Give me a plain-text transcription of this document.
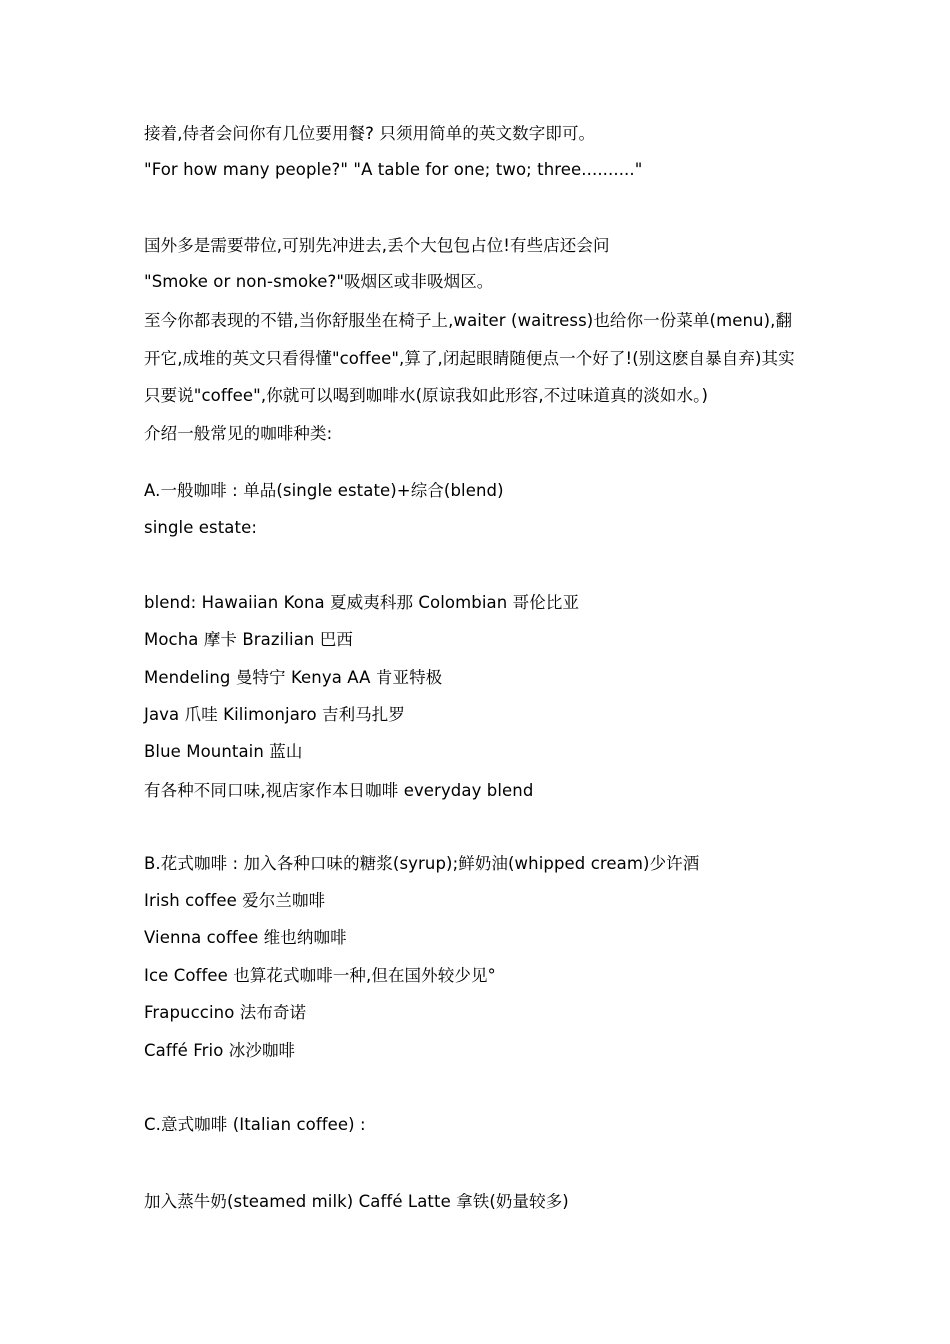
接着,侍者会问你有几位要用餐? 只须用简单的英文数字即可。
"For how many people?" "A table for one; two; three.........."
国外多是需要带位,可别先冲进去,丢个大包包占位!有些店还会问
"Smoke or non-smoke?"吸烟区或非吸烟区。
至今你都表现的不错,当你舒服坐在椅子上,waiter (waitress)也给你一份菜单(menu),翻
开它,成堆的英文只看得懂"coffee",算了,闭起眼睛随便点一个好了!(别这麽自暴自弃)其实
只要说"coffee",你就可以喝到咖啡水(原谅我如此形容,不过味道真的淡如水。)
介绍一般常见的咖啡种类:
A.一般咖啡 : 单品(single estate)+综合(blend)
single estate:
blend: Hawaiian Kona 夏威夷科那 Colombian 哥伦比亚
Mocha 摩卡 Brazilian 巴西
Mendeling 曼特宁 Kenya AA 肯亚特极
Java 爪哇 Kilimonjaro 吉利马扎罗
Blue Mountain 蓝山
有各种不同口味,视店家作本日咖啡 everyday blend
B.花式咖啡 : 加入各种口味的糖浆(syrup);鲜奶油(whipped cream)少许酒
Irish coffee 爱尔兰咖啡
Vienna coffee 维也纳咖啡
Ice Coffee 也算花式咖啡一种,但在国外较少见°
Frapuccino 法布奇诺
Caffé Frio 冰沙咖啡
C.意式咖啡 (Italian coffee) :
加入蒸牛奶(steamed milk) Caffé Latte 拿铁(奶量较多)
